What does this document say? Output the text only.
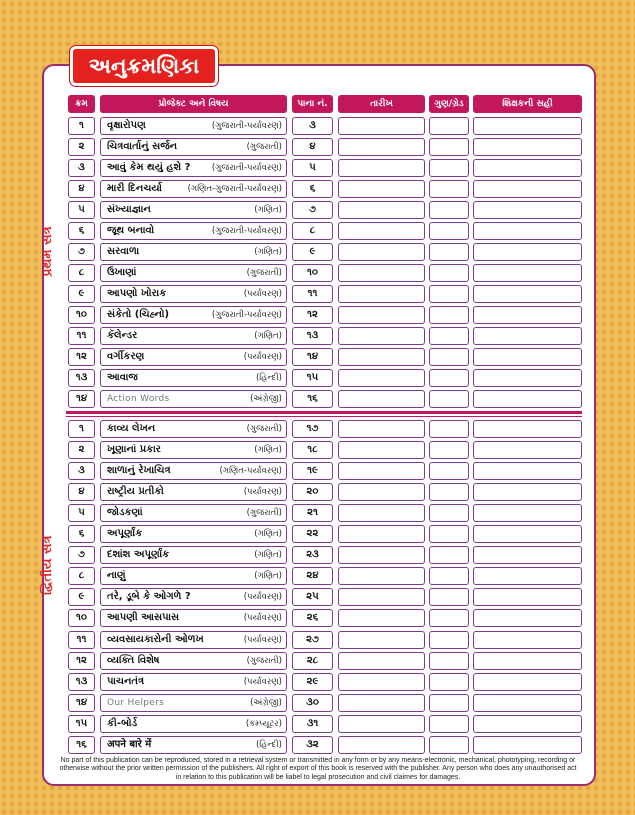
અનુક્રમણિકા
ક્રમ	પ્રોજેક્ટ અને વિષય	પાના નં.	તારીખ	ગુણ/ગ્રેડ	શિક્ષકની સહી
પ્રથમ સત્ર
દ્વિતીય સત્ર
૧	વૃક્ષારોપણ	(ગુજરાતી-પર્યાવરણ)	૩
૨	ચિત્રવાર્તાનું સર્જન	(ગુજરાતી)	૪
૩	આવું કેમ થયું હશે ?	(ગુજરાતી-પર્યાવરણ)	૫
૪	મારી દિનચર્યા	(ગણિત-ગુજરાતી-પર્યાવરણ)	૬
૫	સંખ્યાજ્ઞાન	(ગણિત)	૭
૬	જૂથ બનાવો	(ગુજરાતી-પર્યાવરણ)	૮
૭	સરવાળા	(ગણિત)	૯
૮	ઉખાણાં	(ગુજરાતી)	૧૦
૯	આપણો ખોરાક	(પર્યાવરણ)	૧૧
૧૦	સંકેતો (ચિહ્નો)	(ગુજરાતી-પર્યાવરણ)	૧૨
૧૧	કૅલેન્ડર	(ગણિત)	૧૩
૧૨	વર્ગીકરણ	(પર્યાવરણ)	૧૪
૧૩	આવાજ	(હિન્દી)	૧૫
૧૪	Action Words	(અંગ્રેજી)	૧૬
૧	કાવ્ય લેખન	(ગુજરાતી)	૧૭
૨	ખૂણાનાં પ્રકાર	(ગણિત)	૧૮
૩	શાળાનું રેખાચિત્ર	(ગણિત-પર્યાવરણ)	૧૯
૪	રાષ્ટ્રીય પ્રતીકો	(પર્યાવરણ)	૨૦
૫	જોડકણાં	(ગુજરાતી)	૨૧
૬	અપૂર્ણાંક	(ગણિત)	૨૨
૭	દશાંશ અપૂર્ણાંક	(ગણિત)	૨૩
૮	નાણું	(ગણિત)	૨૪
૯	તરે, ડૂબે કે ઓગળે ?	(પર્યાવરણ)	૨૫
૧૦	આપણી આસપાસ	(પર્યાવરણ)	૨૬
૧૧	વ્યવસાયકારોની ઓળખ	(પર્યાવરણ)	૨૭
૧૨	વ્યક્તિ વિશેષ	(ગુજરાતી)	૨૮
૧૩	પાચનતંત્ર	(પર્યાવરણ)	૨૯
૧૪	Our Helpers	(અંગ્રેજી)	૩૦
૧૫	કી-બોર્ડ	(કમ્પ્યૂટર)	૩૧
૧૬	अपने बारे में	(હિન્દી)	૩૨
No part of this publication can be reproduced, stored in a retrieval system or transmitted in any form or by any means-electronic, mechanical, phototyping, recording or otherwise without the prior written permission of the publishers. All right of export of this book is reserved with the publisher. Any person who does any unauthorised act in relation to this publication will be liabel to legal prosecution and civil claimes for damages.
